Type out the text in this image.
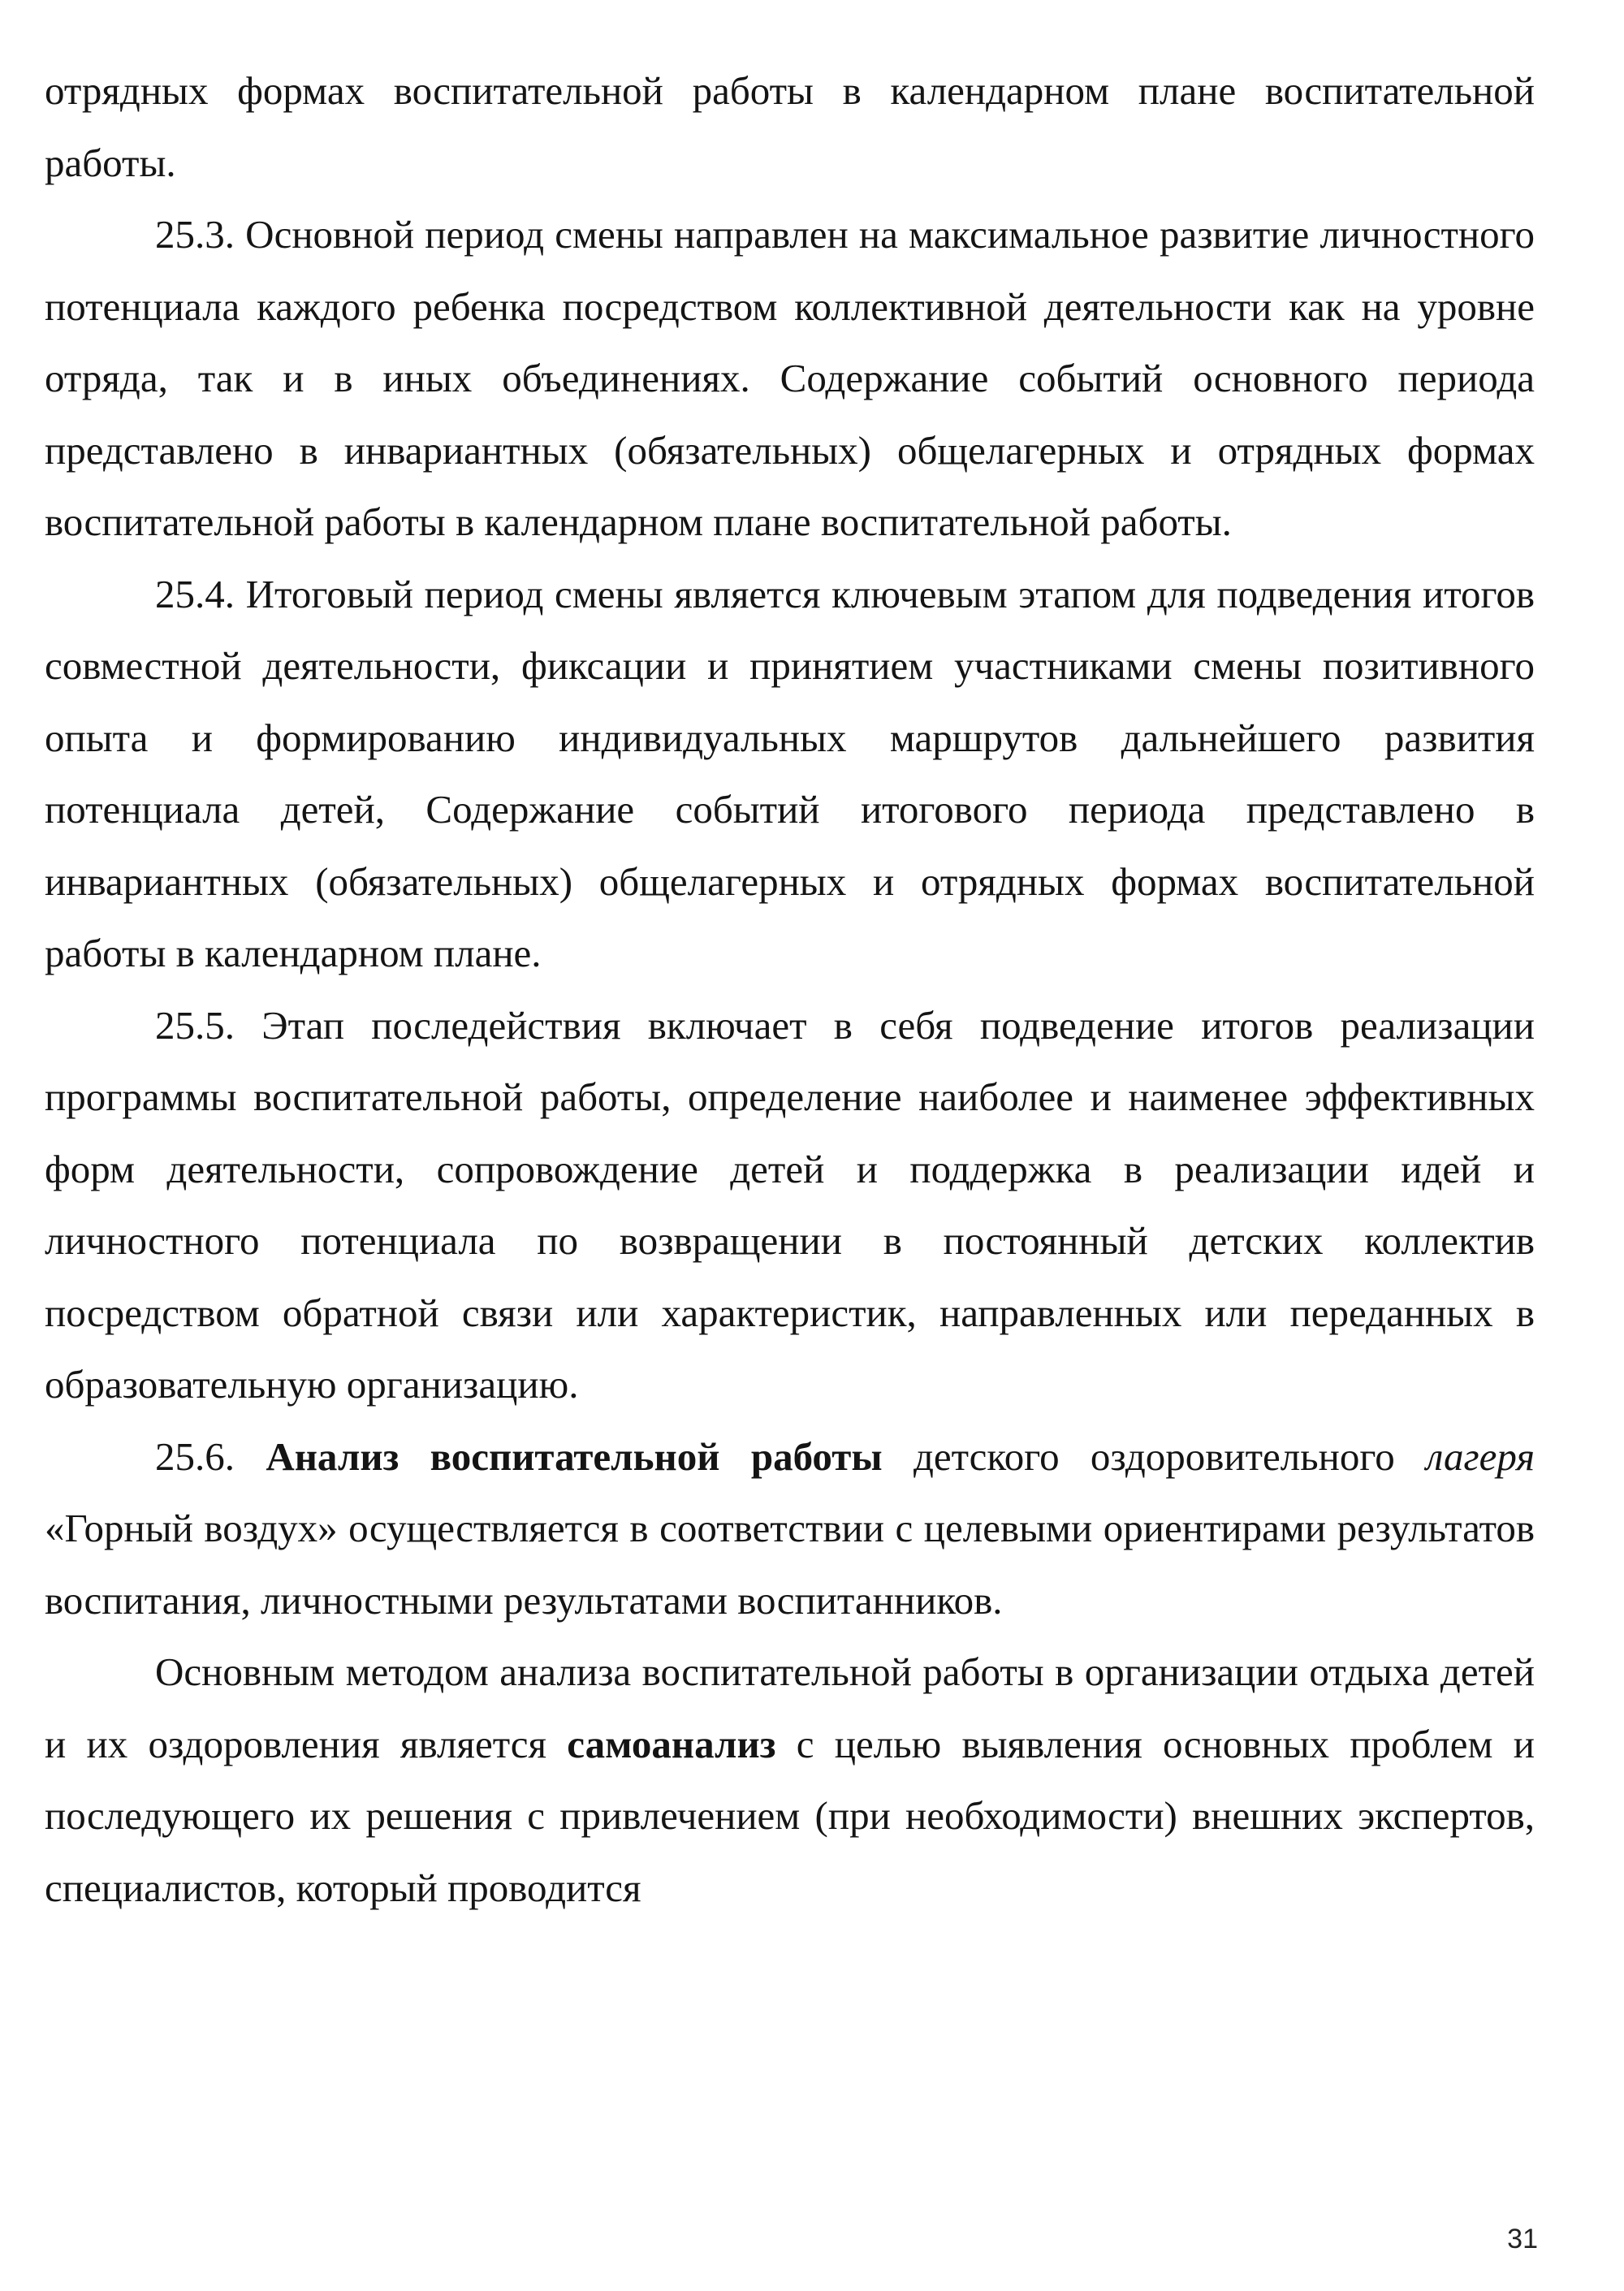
отрядных формах воспитательной работы в календарном плане воспитательной работы.

25.3. Основной период смены направлен на максимальное развитие личностного потенциала каждого ребенка посредством коллективной деятельности как на уровне отряда, так и в иных объединениях. Содержание событий основного периода представлено в инвариантных (обязательных) общелагерных и отрядных формах воспитательной работы в календарном плане воспитательной работы.

25.4. Итоговый период смены является ключевым этапом для подведения итогов совместной деятельности, фиксации и принятием участниками смены позитивного опыта и формированию индивидуальных маршрутов дальнейшего развития потенциала детей, Содержание событий итогового периода представлено в инвариантных (обязательных) общелагерных и отрядных формах воспитательной работы в календарном плане.

25.5. Этап последействия включает в себя подведение итогов реализации программы воспитательной работы, определение наиболее и наименее эффективных форм деятельности, сопровождение детей и поддержка в реализации идей и личностного потенциала по возвращении в постоянный детских коллектив посредством обратной связи или характеристик, направленных или переданных в образовательную организацию.

25.6. Анализ воспитательной работы детского оздоровительного лагеря «Горный воздух» осуществляется в соответствии с целевыми ориентирами результатов воспитания, личностными результатами воспитанников.

Основным методом анализа воспитательной работы в организации отдыха детей и их оздоровления является самоанализ с целью выявления основных проблем и последующего их решения с привлечением (при необходимости) внешних экспертов, специалистов, который проводится

31
